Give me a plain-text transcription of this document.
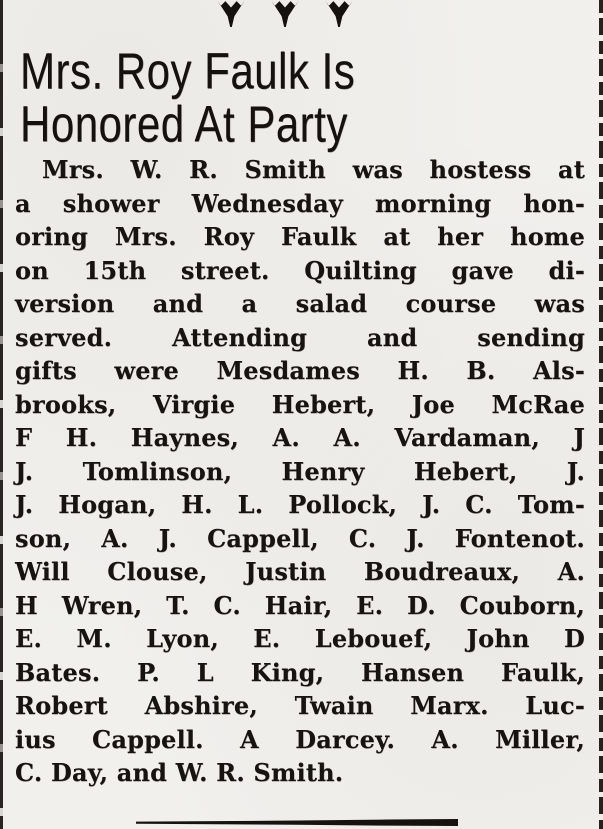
Mrs. Roy Faulk Is
Honored At Party
Mrs. W. R. Smith was hostess at
a shower Wednesday morning hon-
oring Mrs. Roy Faulk at her home
on 15th street. Quilting gave di-
version and a salad course was
served. Attending and sending
gifts were Mesdames H. B. Als-
brooks, Virgie Hebert, Joe McRae
F H. Haynes, A. A. Vardaman, J
J. Tomlinson, Henry Hebert, J.
J. Hogan, H. L. Pollock, J. C. Tom-
son, A. J. Cappell, C. J. Fontenot.
Will Clouse, Justin Boudreaux, A.
H Wren, T. C. Hair, E. D. Couborn,
E. M. Lyon, E. Lebouef, John D
Bates. P. L King, Hansen Faulk,
Robert Abshire, Twain Marx. Luc-
ius Cappell. A Darcey. A. Miller,
C. Day, and W. R. Smith.
